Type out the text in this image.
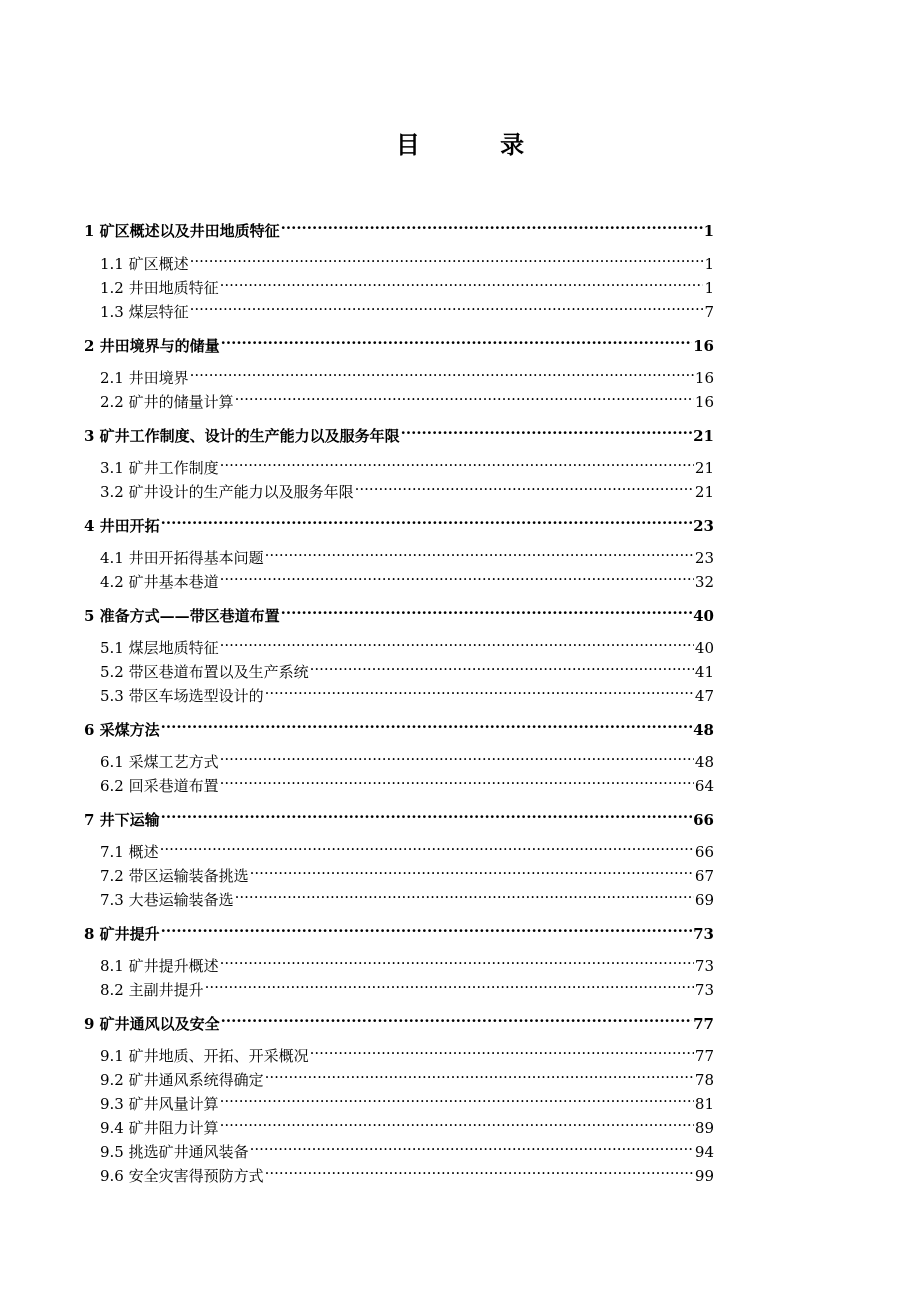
目 录
1 矿区概述以及井田地质特征 .....	1
1.1 矿区概述 .....	1
1.2 井田地质特征 .....	1
1.3 煤层特征 .....	7
2 井田境界与的储量 .....	16
2.1 井田境界 .....	16
2.2 矿井的储量计算 .....	16
3 矿井工作制度、设计的生产能力以及服务年限 .....	21
3.1 矿井工作制度 .....	21
3.2 矿井设计的生产能力以及服务年限 .....	21
4 井田开拓 .....	23
4.1 井田开拓得基本问题 .....	23
4.2 矿井基本巷道 .....	32
5 准备方式——带区巷道布置 .....	40
5.1 煤层地质特征 .....	40
5.2 带区巷道布置以及生产系统 .....	41
5.3 带区车场选型设计的 .....	47
6 采煤方法 .....	48
6.1 采煤工艺方式 .....	48
6.2 回采巷道布置 .....	64
7 井下运输 .....	66
7.1 概述 .....	66
7.2 带区运输装备挑选 .....	67
7.3 大巷运输装备选 .....	69
8 矿井提升 .....	73
8.1 矿井提升概述 .....	73
8.2 主副井提升 .....	73
9 矿井通风以及安全 .....	77
9.1 矿井地质、开拓、开采概况 .....	77
9.2 矿井通风系统得确定 .....	78
9.3 矿井风量计算 .....	81
9.4 矿井阻力计算 .....	89
9.5 挑选矿井通风装备 .....	94
9.6 安全灾害得预防方式 .....	99
